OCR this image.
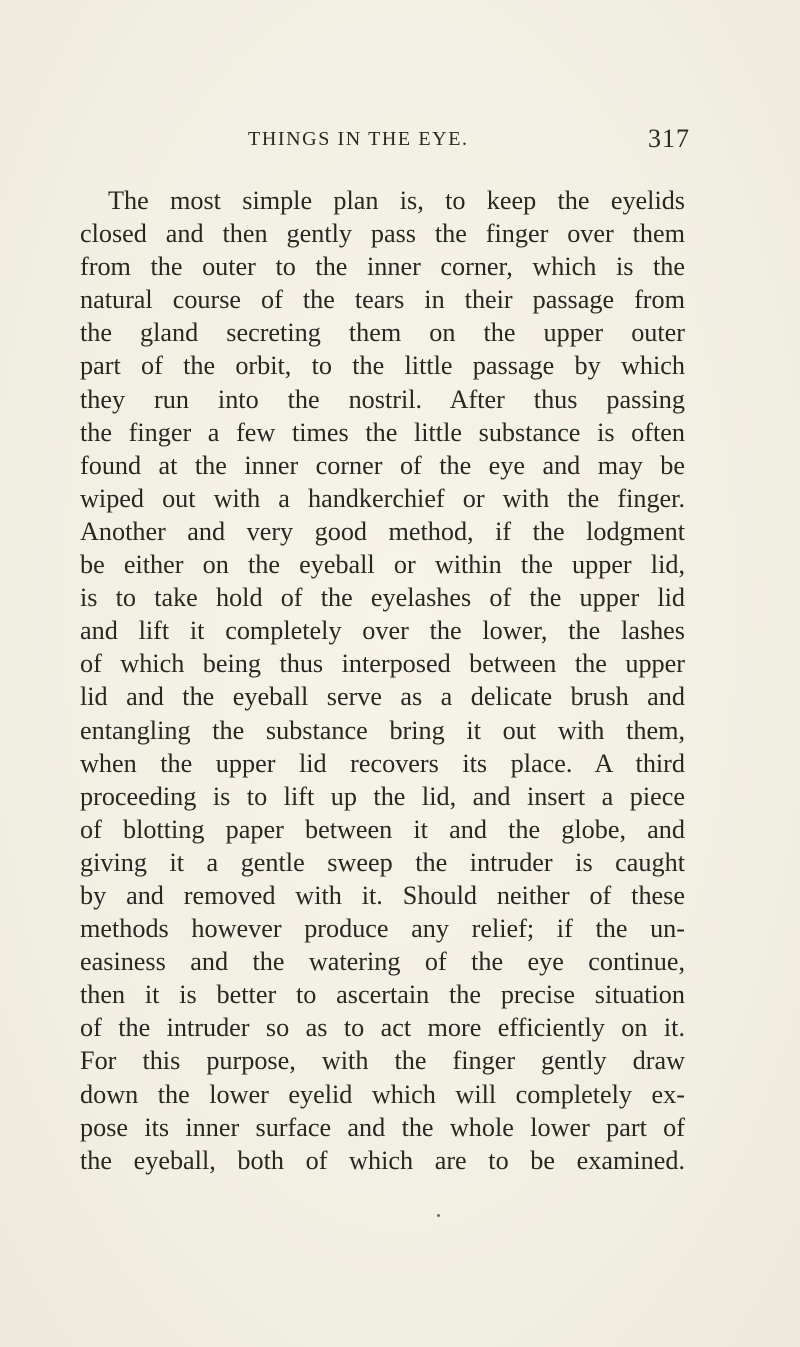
THINGS IN THE EYE.	317
The most simple plan is, to keep the eyelids
closed and then gently pass the finger over them
from the outer to the inner corner, which is the
natural course of the tears in their passage from
the gland secreting them on the upper outer
part of the orbit, to the little passage by which
they run into the nostril. After thus passing
the finger a few times the little substance is often
found at the inner corner of the eye and may be
wiped out with a handkerchief or with the finger.
Another and very good method, if the lodgment
be either on the eyeball or within the upper lid,
is to take hold of the eyelashes of the upper lid
and lift it completely over the lower, the lashes
of which being thus interposed between the upper
lid and the eyeball serve as a delicate brush and
entangling the substance bring it out with them,
when the upper lid recovers its place. A third
proceeding is to lift up the lid, and insert a piece
of blotting paper between it and the globe, and
giving it a gentle sweep the intruder is caught
by and removed with it. Should neither of these
methods however produce any relief; if the un-
easiness and the watering of the eye continue,
then it is better to ascertain the precise situation
of the intruder so as to act more efficiently on it.
For this purpose, with the finger gently draw
down the lower eyelid which will completely ex-
pose its inner surface and the whole lower part of
the eyeball, both of which are to be examined.
